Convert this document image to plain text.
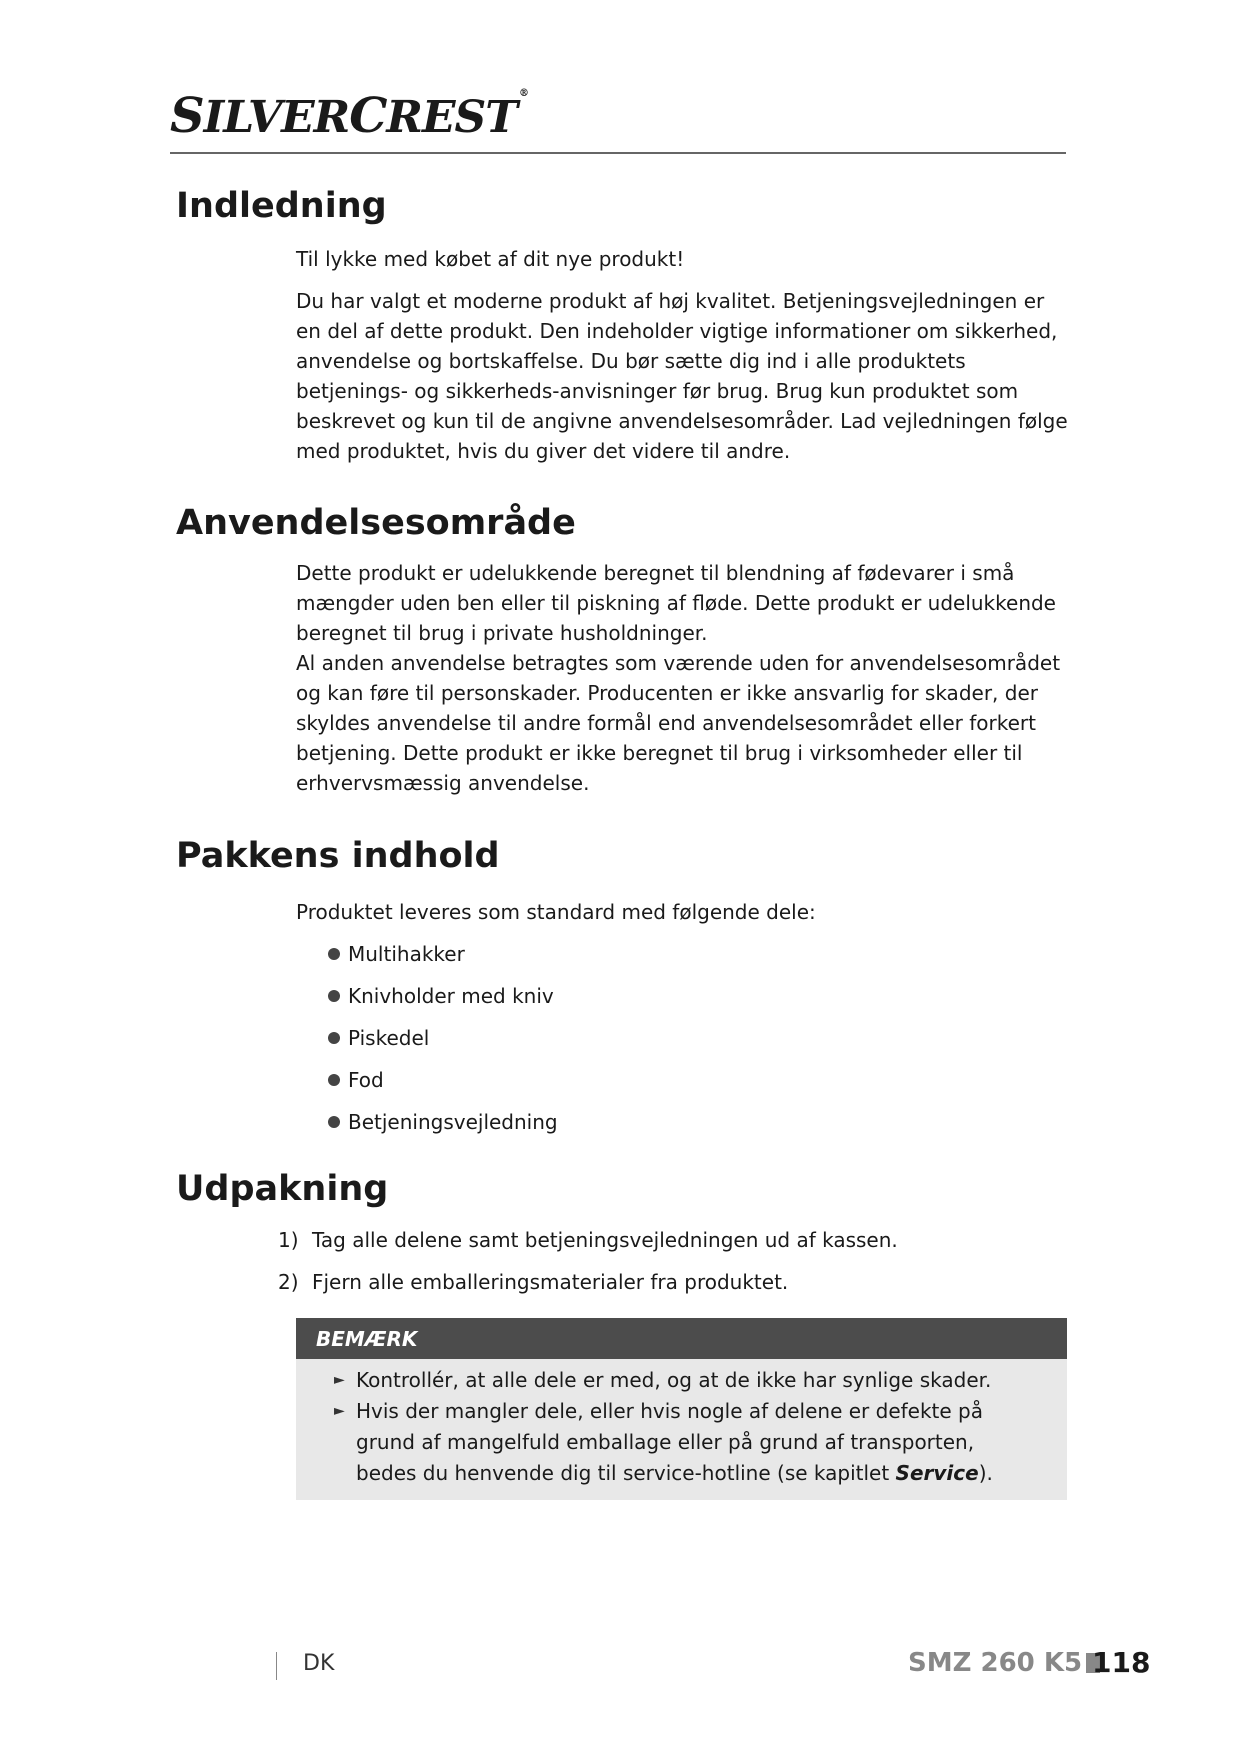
SILVERCREST ®
Indledning

Til lykke med købet af dit nye produkt!

Du har valgt et moderne produkt af høj kvalitet. Betjeningsvejledningen er en del af dette produkt. Den indeholder vigtige informationer om sikkerhed, anvendelse og bortskaffelse. Du bør sætte dig ind i alle produktets betjenings- og sikkerheds-anvisninger før brug. Brug kun produktet som beskrevet og kun til de angivne anvendelsesområder. Lad vejledningen følge med produktet, hvis du giver det videre til andre.

Anvendelsesområde

Dette produkt er udelukkende beregnet til blendning af fødevarer i små mængder uden ben eller til piskning af fløde. Dette produkt er udelukkende beregnet til brug i private husholdninger.

Al anden anvendelse betragtes som værende uden for anvendelsesområdet og kan føre til personskader. Producenten er ikke ansvarlig for skader, der skyldes anvendelse til andre formål end anvendelsesområdet eller forkert betjening. Dette produkt er ikke beregnet til brug i virksomheder eller til erhvervsmæssig anvendelse.

Pakkens indhold
Produktet leveres som standard med følgende dele:
Multihakker
Knivholder med kniv
Piskedel
Fod
Betjeningsvejledning
Udpakning
1) Tag alle delene samt betjeningsvejledningen ud af kassen.
2) Fjern alle emballeringsmaterialer fra produktet.
BEMÆRK
► Kontrollér, at alle dele er med, og at de ikke har synlige skader.
► Hvis der mangler dele, eller hvis nogle af delene er defekte på grund af mangelfuld emballage eller på grund af transporten, bedes du henvende dig til service-hotline (se kapitlet Service).
DK	SMZ 260 K5 118
